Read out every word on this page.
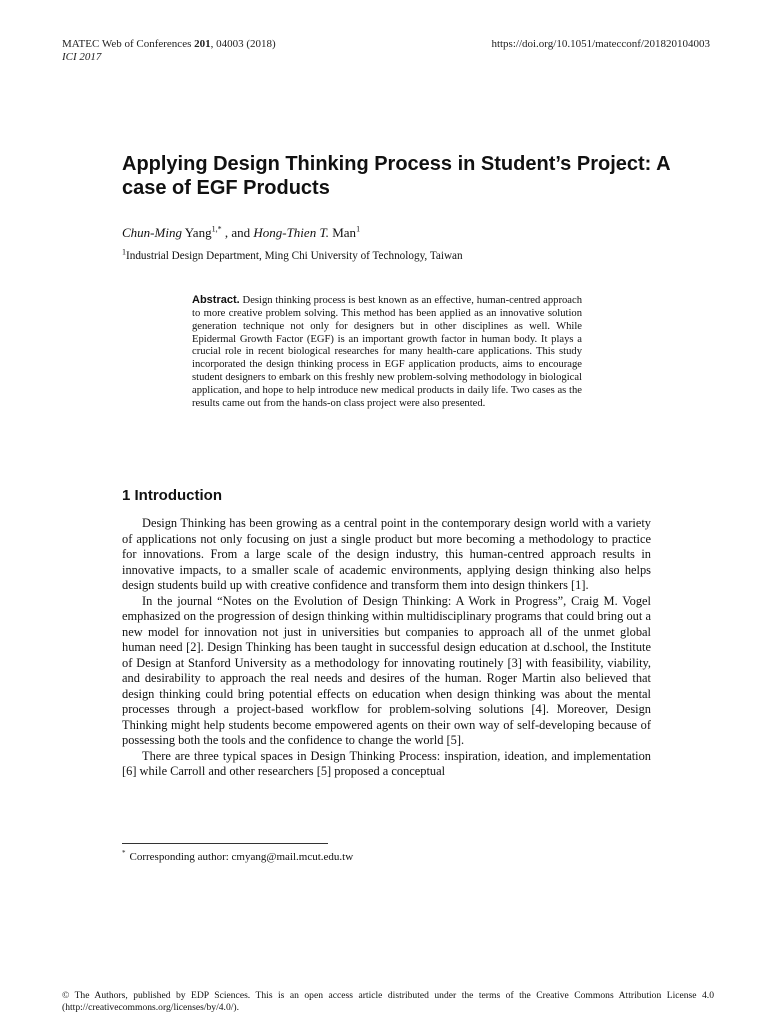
MATEC Web of Conferences 201, 04003 (2018)
ICI 2017
https://doi.org/10.1051/matecconf/201820104003
Applying Design Thinking Process in Student’s Project: A case of EGF Products
Chun-Ming Yang$^{1,*}$ , and Hong-Thien T. Man$^1$
$^1$Industrial Design Department, Ming Chi University of Technology, Taiwan
Abstract. Design thinking process is best known as an effective, human-centred approach to more creative problem solving. This method has been applied as an innovative solution generation technique not only for designers but in other disciplines as well. While Epidermal Growth Factor (EGF) is an important growth factor in human body. It plays a crucial role in recent biological researches for many health-care applications. This study incorporated the design thinking process in EGF application products, aims to encourage student designers to embark on this freshly new problem-solving methodology in biological application, and hope to help introduce new medical products in daily life. Two cases as the results came out from the hands-on class project were also presented.
1 Introduction

Design Thinking has been growing as a central point in the contemporary design world with a variety of applications not only focusing on just a single product but more becoming a methodology to practice for innovations. From a large scale of the design industry, this human-centred approach results in innovative impacts, to a smaller scale of academic environments, applying design thinking also helps design students build up with creative confidence and transform them into design thinkers [1].

In the journal “Notes on the Evolution of Design Thinking: A Work in Progress”, Craig M. Vogel emphasized on the progression of design thinking within multidisciplinary programs that could bring out a new model for innovation not just in universities but companies to approach all of the unmet global human need [2]. Design Thinking has been taught in successful design education at d.school, the Institute of Design at Stanford University as a methodology for innovating routinely [3] with feasibility, viability, and desirability to approach the real needs and desires of the human. Roger Martin also believed that design thinking could bring potential effects on education when design thinking was about the mental processes through a project-based workflow for problem-solving solutions [4]. Moreover, Design Thinking might help students become empowered agents on their own way of self-developing because of possessing both the tools and the confidence to change the world [5].

There are three typical spaces in Design Thinking Process: inspiration, ideation, and implementation [6] while Carroll and other researchers [5] proposed a conceptual

* Corresponding author: cmyang@mail.mcut.edu.tw
© The Authors, published by EDP Sciences. This is an open access article distributed under the terms of the Creative Commons Attribution License 4.0 (http://creativecommons.org/licenses/by/4.0/).
